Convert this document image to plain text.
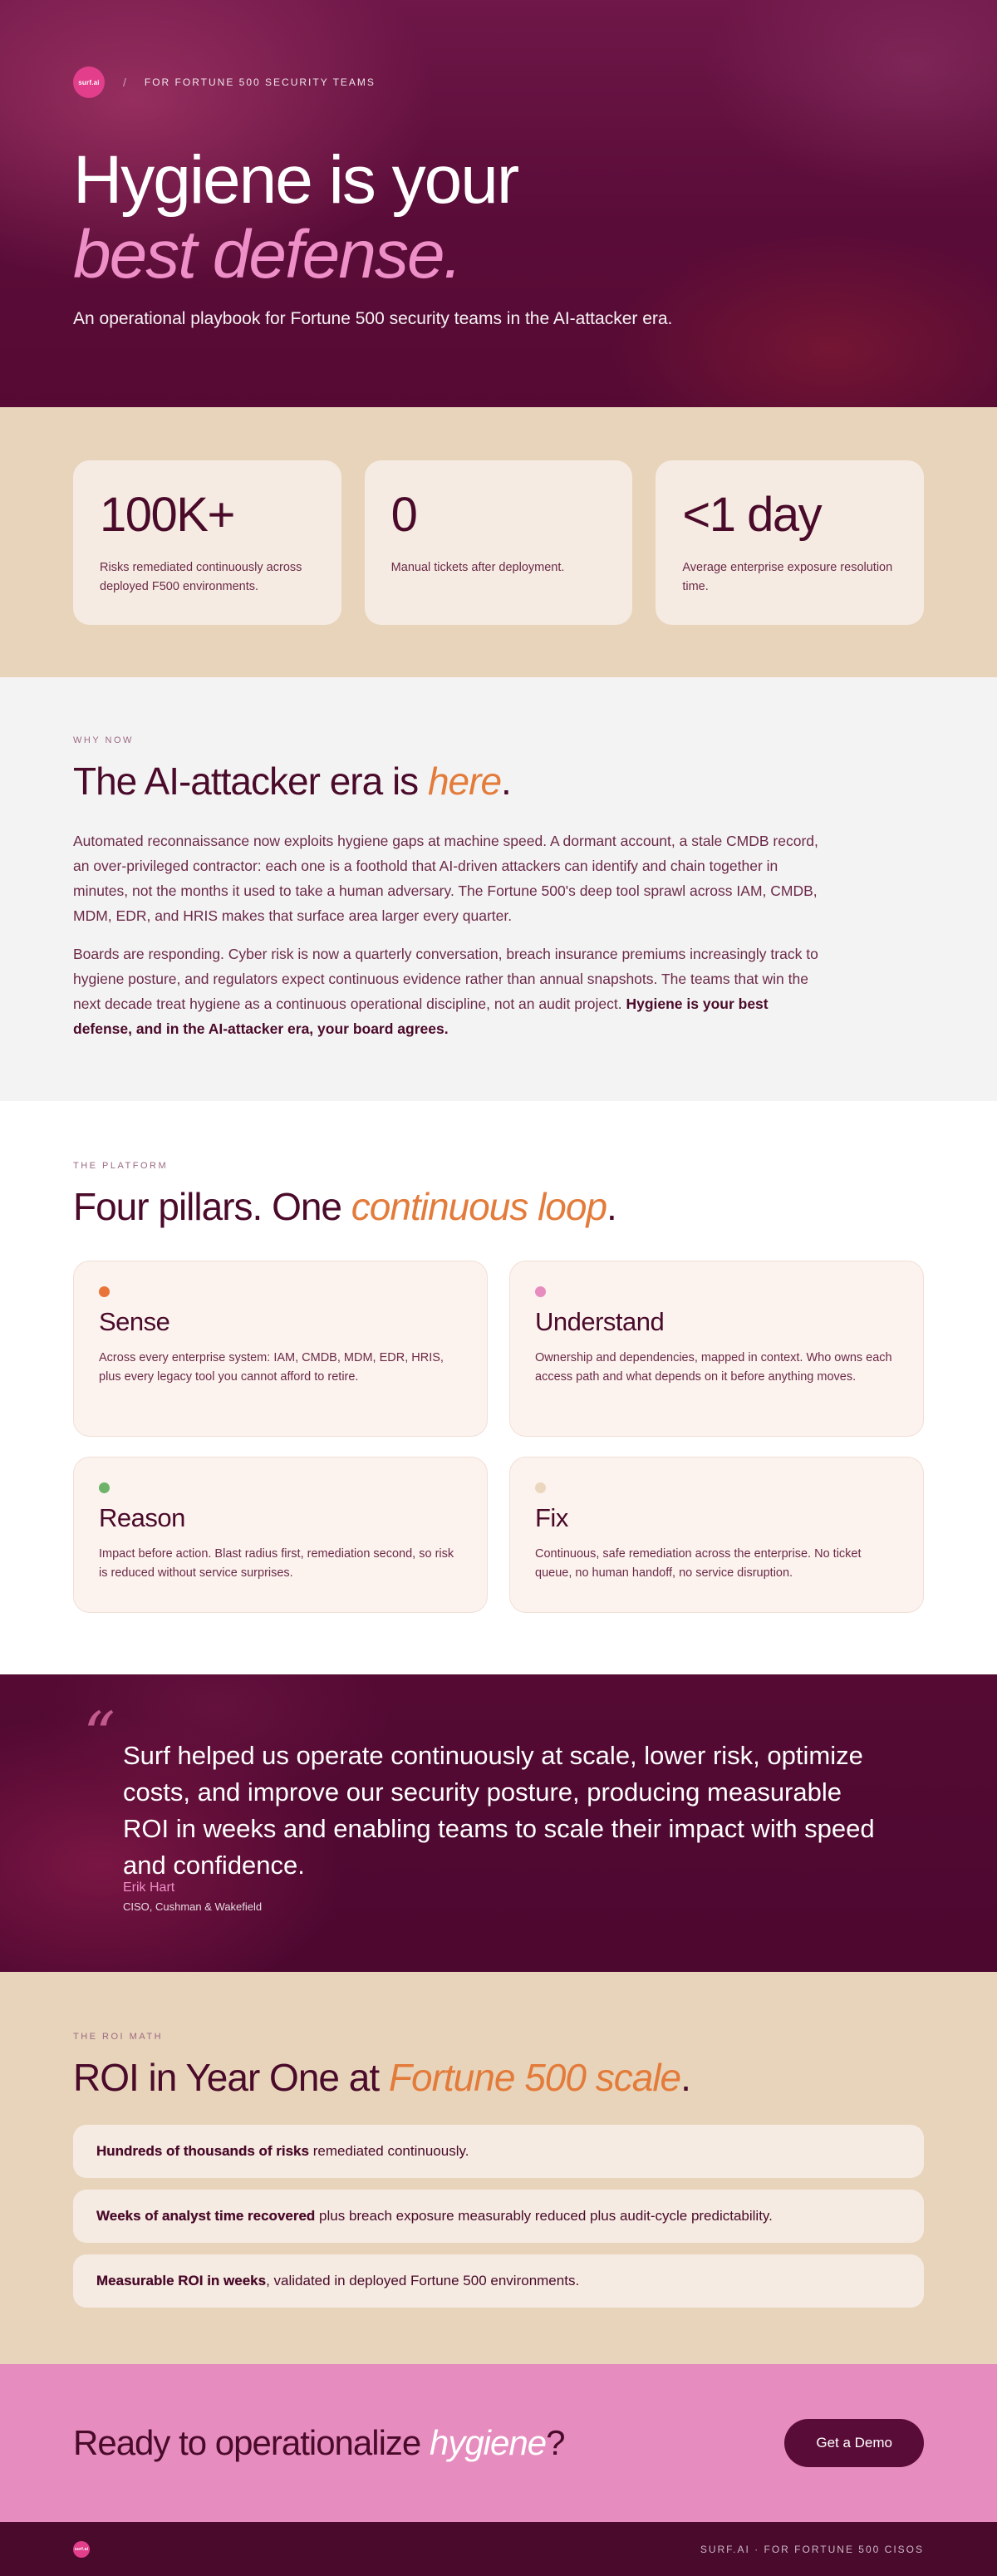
surf.ai	/ FOR FORTUNE 500 SECURITY TEAMS
Hygiene is your
best defense.
An operational playbook for Fortune 500 security teams in the AI-attacker era.
100K+
Risks remediated continuously across deployed F500 environments.
0
Manual tickets after deployment.
<1 day
Average enterprise exposure resolution time.
WHY NOW
The AI-attacker era is here.

Automated reconnaissance now exploits hygiene gaps at machine speed. A dormant account, a stale CMDB record, an over-privileged contractor: each one is a foothold that AI-driven attackers can identify and chain together in minutes, not the months it used to take a human adversary. The Fortune 500's deep tool sprawl across IAM, CMDB, MDM, EDR, and HRIS makes that surface area larger every quarter.

Boards are responding. Cyber risk is now a quarterly conversation, breach insurance premiums increasingly track to hygiene posture, and regulators expect continuous evidence rather than annual snapshots. The teams that win the next decade treat hygiene as a continuous operational discipline, not an audit project. Hygiene is your best defense, and in the AI-attacker era, your board agrees.

THE PLATFORM
Four pillars. One continuous loop.
Sense

Across every enterprise system: IAM, CMDB, MDM, EDR, HRIS, plus every legacy tool you cannot afford to retire.

Understand

Ownership and dependencies, mapped in context. Who owns each access path and what depends on it before anything moves.

Reason

Impact before action. Blast radius first, remediation second, so risk is reduced without service surprises.

Fix

Continuous, safe remediation across the enterprise. No ticket queue, no human handoff, no service disruption.

“ Surf helped us operate continuously at scale, lower risk, optimize costs, and improve our security posture, producing measurable ROI in weeks and enabling teams to scale their impact with speed and confidence.
Erik Hart
CISO, Cushman & Wakefield
THE ROI MATH
ROI in Year One at Fortune 500 scale.
Hundreds of thousands of risks remediated continuously.
Weeks of analyst time recovered plus breach exposure measurably reduced plus audit-cycle predictability.
Measurable ROI in weeks, validated in deployed Fortune 500 environments.
Ready to operationalize hygiene?	Get a Demo
surf.ai	SURF.AI · FOR FORTUNE 500 CISOS
